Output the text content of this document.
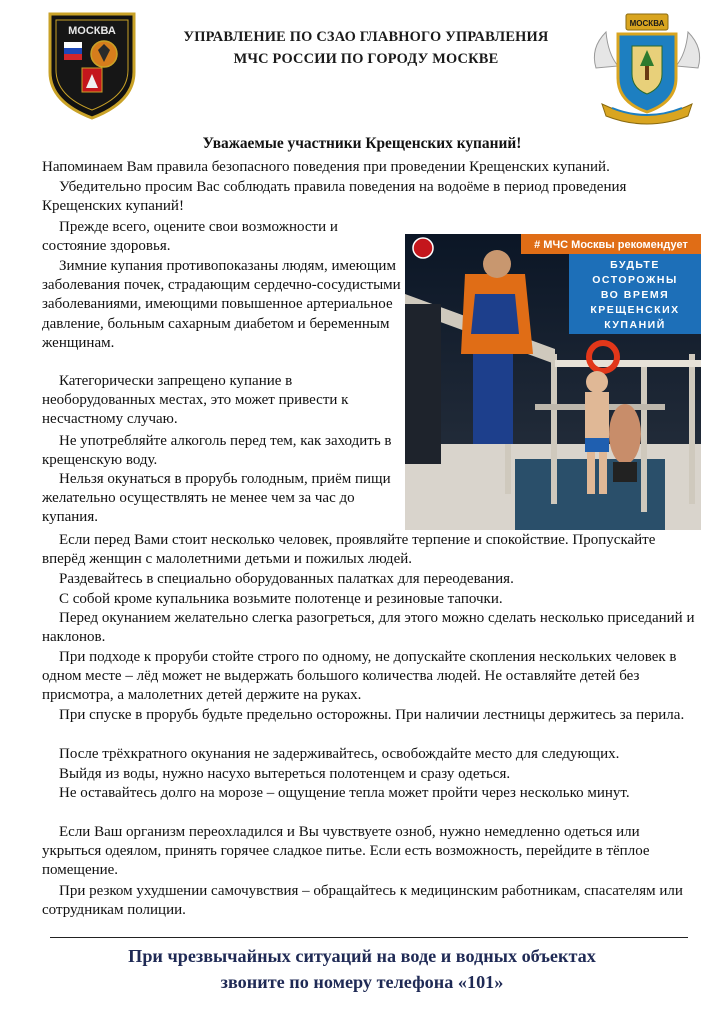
МОСКВА	УПРАВЛЕНИЕ ПО СЗАО ГЛАВНОГО УПРАВЛЕНИЯ
МЧС РОССИИ ПО ГОРОДУ МОСКВЕ
МОСКВА
Уважаемые участники Крещенских купаний!
Напоминаем Вам правила безопасного поведения при проведении Крещенских купаний.
Убедительно просим Вас соблюдать правила поведения на водоёме в период проведения Крещенских купаний!
Прежде всего, оцените свои возможности и состояние здоровья.
Зимние купания противопоказаны людям, имеющим заболевания почек, страдающим сердечно-сосудистыми заболеваниями, имеющими повышенное артериальное давление, больным сахарным диабетом и беременным женщинам.
Категорически запрещено купание в необорудованных местах, это может привести к несчастному случаю.
Не употребляйте алкоголь перед тем, как заходить в крещенскую воду.
Нельзя окунаться в прорубь голодным, приём пищи желательно осуществлять не менее чем за час до купания.
Если перед Вами стоит несколько человек, проявляйте терпение и спокойствие. Пропускайте вперёд женщин с малолетними детьми и пожилых людей.
Раздевайтесь в специально оборудованных палатках для переодевания.
С собой кроме купальника возьмите полотенце и резиновые тапочки.
Перед окунанием желательно слегка разогреться, для этого можно сделать несколько приседаний и наклонов.
При подходе к проруби стойте строго по одному, не допускайте скопления нескольких человек в одном месте – лёд может не выдержать большого количества людей. Не оставляйте детей без присмотра, а малолетних детей держите на руках.
При спуске в прорубь будьте предельно осторожны. При наличии лестницы держитесь за перила.
После трёхкратного окунания не задерживайтесь, освобождайте место для следующих.
Выйдя из воды, нужно насухо вытереться полотенцем и сразу одеться.
Не оставайтесь долго на морозе – ощущение тепла может пройти через несколько минут.
Если Ваш организм переохладился и Вы чувствуете озноб, нужно немедленно одеться или укрыться одеялом, принять горячее сладкое питье. Если есть возможность, перейдите в тёплое помещение.
При резком ухудшении самочувствия – обращайтесь к медицинским работникам, спасателям или сотрудникам полиции.
# МЧС Москвы рекомендует
БУДЬТЕ
ОСТОРОЖНЫ
ВО ВРЕМЯ
КРЕЩЕНСКИХ
КУПАНИЙ
При чрезвычайных ситуаций на воде и водных объектах
звоните по номеру телефона «101»
